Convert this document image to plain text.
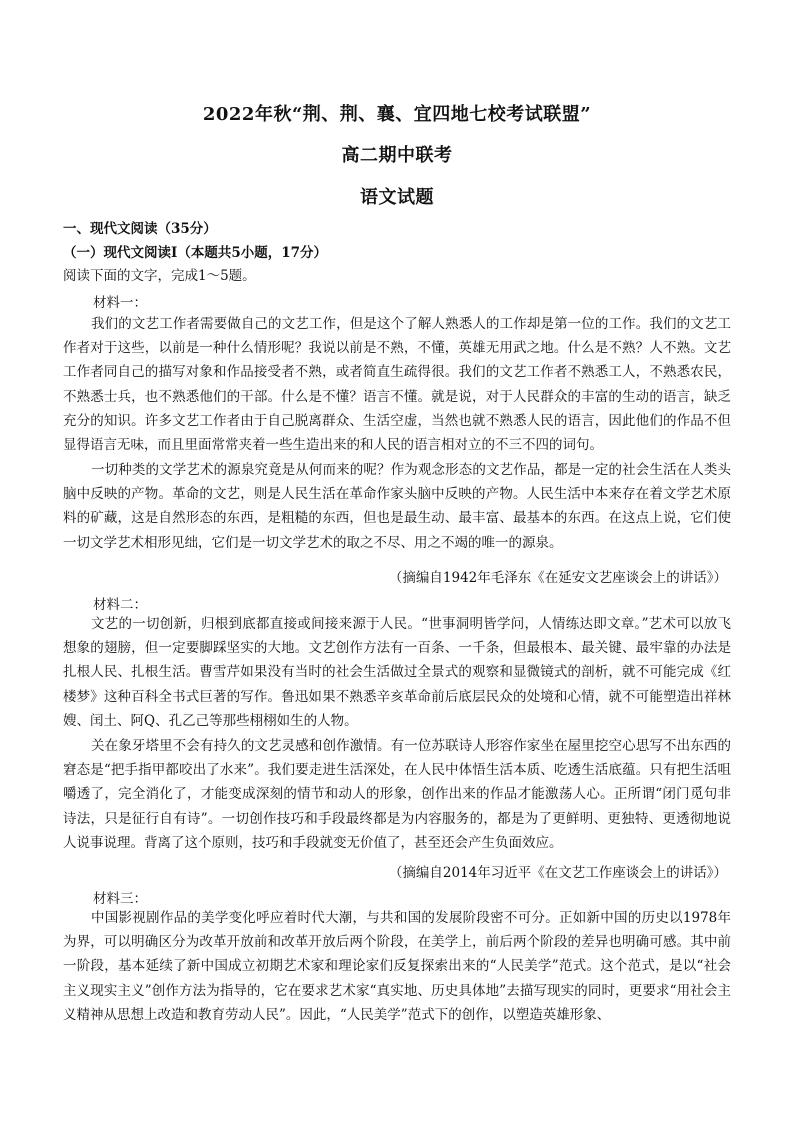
2022年秋“荆、荆、襄、宜四地七校考试联盟”
高二期中联考
语文试题
一、现代文阅读（35分）
（一）现代文阅读Ⅰ（本题共5小题，17分）
阅读下面的文字，完成1～5题。
材料一：
我们的文艺工作者需要做自己的文艺工作，但是这个了解人熟悉人的工作却是第一位的工作。我们的文艺工作者对于这些，以前是一种什么情形呢？我说以前是不熟，不懂，英雄无用武之地。什么是不熟？人不熟。文艺工作者同自己的描写对象和作品接受者不熟，或者简直生疏得很。我们的文艺工作者不熟悉工人，不熟悉农民，不熟悉士兵，也不熟悉他们的干部。什么是不懂？语言不懂。就是说，对于人民群众的丰富的生动的语言，缺乏充分的知识。许多文艺工作者由于自己脱离群众、生活空虚，当然也就不熟悉人民的语言，因此他们的作品不但显得语言无味，而且里面常常夹着一些生造出来的和人民的语言相对立的不三不四的词句。
一切种类的文学艺术的源泉究竟是从何而来的呢？作为观念形态的文艺作品，都是一定的社会生活在人类头脑中反映的产物。革命的文艺，则是人民生活在革命作家头脑中反映的产物。人民生活中本来存在着文学艺术原料的矿藏，这是自然形态的东西，是粗糙的东西，但也是最生动、最丰富、最基本的东西。在这点上说，它们使一切文学艺术相形见绌，它们是一切文学艺术的取之不尽、用之不竭的唯一的源泉。
（摘编自1942年毛泽东《在延安文艺座谈会上的讲话》）
材料二：
文艺的一切创新，归根到底都直接或间接来源于人民。“世事洞明皆学问，人情练达即文章。”艺术可以放飞想象的翅膀，但一定要脚踩坚实的大地。文艺创作方法有一百条、一千条，但最根本、最关键、最牢靠的办法是扎根人民、扎根生活。曹雪芹如果没有当时的社会生活做过全景式的观察和显微镜式的剖析，就不可能完成《红楼梦》这种百科全书式巨著的写作。鲁迅如果不熟悉辛亥革命前后底层民众的处境和心情，就不可能塑造出祥林嫂、闰土、阿Q、孔乙己等那些栩栩如生的人物。
关在象牙塔里不会有持久的文艺灵感和创作激情。有一位苏联诗人形容作家坐在屋里挖空心思写不出东西的窘态是“把手指甲都咬出了水来”。我们要走进生活深处，在人民中体悟生活本质、吃透生活底蕴。只有把生活咀嚼透了，完全消化了，才能变成深刻的情节和动人的形象，创作出来的作品才能激荡人心。正所谓“闭门觅句非诗法，只是征行自有诗”。一切创作技巧和手段最终都是为内容服务的，都是为了更鲜明、更独特、更透彻地说人说事说理。背离了这个原则，技巧和手段就变无价值了，甚至还会产生负面效应。
（摘编自2014年习近平《在文艺工作座谈会上的讲话》）
材料三：
中国影视剧作品的美学变化呼应着时代大潮，与共和国的发展阶段密不可分。正如新中国的历史以1978年为界，可以明确区分为改革开放前和改革开放后两个阶段，在美学上，前后两个阶段的差异也明确可感。其中前一阶段，基本延续了新中国成立初期艺术家和理论家们反复探索出来的“人民美学”范式。这个范式，是以“社会主义现实主义”创作方法为指导的，它在要求艺术家“真实地、历史具体地”去描写现实的同时，更要求“用社会主义精神从思想上改造和教育劳动人民”。因此，“人民美学”范式下的创作，以塑造英雄形象、
